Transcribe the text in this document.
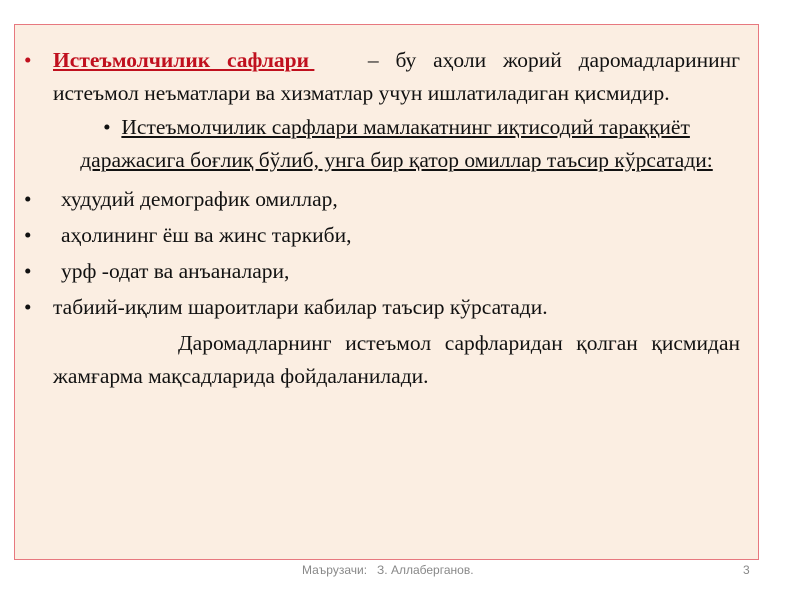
• Истеъмолчилик сафлари  – бу аҳоли жорий даромадларининг истеъмол неъматлари ва хизматлар учун ишлатиладиган қисмидир.

• Истеъмолчилик сарфлари мамлакатнинг иқтисодий тараққиёт даражасига боғлиқ бўлиб, унга бир қатор омиллар таъсир кўрсатади:

•	худудий демографик омиллар,

•	аҳолининг ёш ва жинс таркиби,

•	урф -одат ва анъаналари,

• табиий-иқлим шароитлари кабилар таъсир кўрсатади.

Даромадларнинг истеъмол сарфларидан қолган қисмидан жамғарма мақсадларида фойдаланилади.

Маърузачи:   З. Аллаберганов.	3
